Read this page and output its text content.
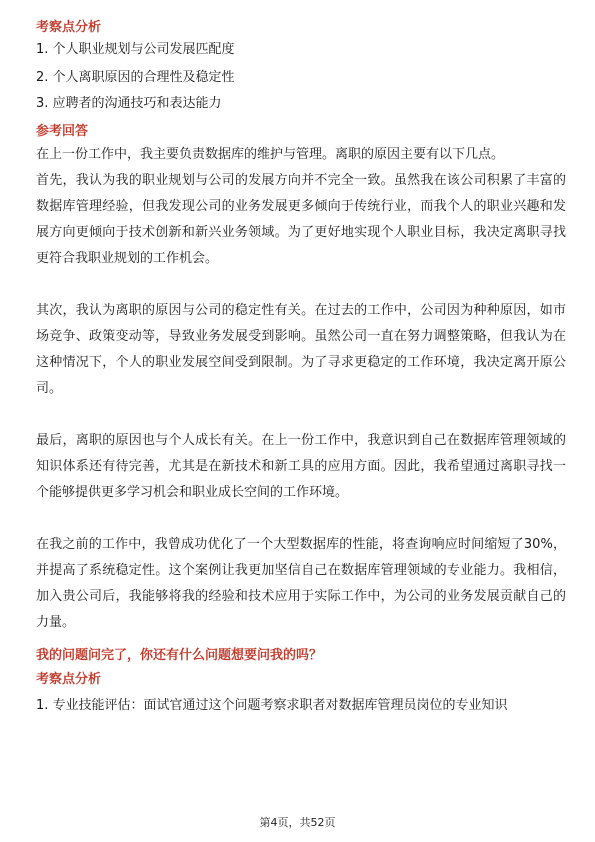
考察点分析
1. 个人职业规划与公司发展匹配度
2. 个人离职原因的合理性及稳定性
3. 应聘者的沟通技巧和表达能力
参考回答

在上一份工作中，我主要负责数据库的维护与管理。离职的原因主要有以下几点。

首先，我认为我的职业规划与公司的发展方向并不完全一致。虽然我在该公司积累了丰富的数据库管理经验，但我发现公司的业务发展更多倾向于传统行业，而我个人的职业兴趣和发展方向更倾向于技术创新和新兴业务领域。为了更好地实现个人职业目标，我决定离职寻找更符合我职业规划的工作机会。

其次，我认为离职的原因与公司的稳定性有关。在过去的工作中，公司因为种种原因，如市场竞争、政策变动等，导致业务发展受到影响。虽然公司一直在努力调整策略，但我认为在这种情况下，个人的职业发展空间受到限制。为了寻求更稳定的工作环境，我决定离开原公司。

最后，离职的原因也与个人成长有关。在上一份工作中，我意识到自己在数据库管理领域的知识体系还有待完善，尤其是在新技术和新工具的应用方面。因此，我希望通过离职寻找一个能够提供更多学习机会和职业成长空间的工作环境。

在我之前的工作中，我曾成功优化了一个大型数据库的性能，将查询响应时间缩短了30%，并提高了系统稳定性。这个案例让我更加坚信自己在数据库管理领域的专业能力。我相信，加入贵公司后，我能够将我的经验和技术应用于实际工作中，为公司的业务发展贡献自己的力量。

我的问题问完了，你还有什么问题想要问我的吗？
考察点分析
1. 专业技能评估：面试官通过这个问题考察求职者对数据库管理员岗位的专业知识
第4页，共52页
